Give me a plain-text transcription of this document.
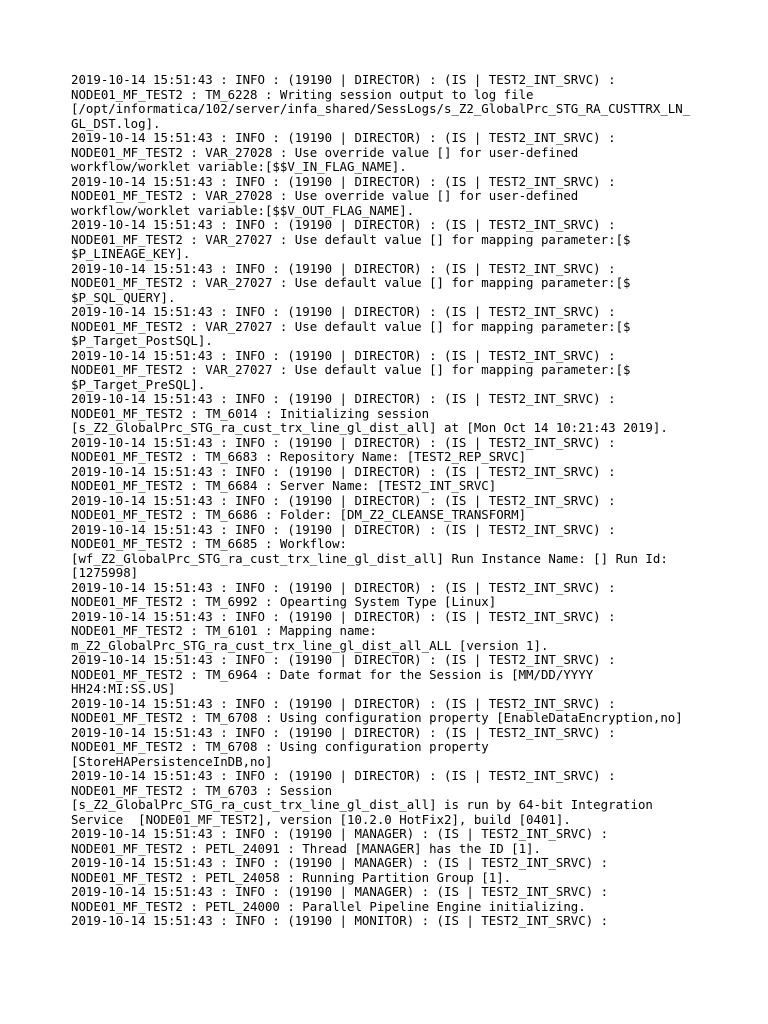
2019-10-14 15:51:43 : INFO : (19190 | DIRECTOR) : (IS | TEST2_INT_SRVC) :
NODE01_MF_TEST2 : TM_6228 : Writing session output to log file
[/opt/informatica/102/server/infa_shared/SessLogs/s_Z2_GlobalPrc_STG_RA_CUSTTRX_LN_
GL_DST.log].
2019-10-14 15:51:43 : INFO : (19190 | DIRECTOR) : (IS | TEST2_INT_SRVC) :
NODE01_MF_TEST2 : VAR_27028 : Use override value [] for user-defined
workflow/worklet variable:[$$V_IN_FLAG_NAME].
2019-10-14 15:51:43 : INFO : (19190 | DIRECTOR) : (IS | TEST2_INT_SRVC) :
NODE01_MF_TEST2 : VAR_27028 : Use override value [] for user-defined
workflow/worklet variable:[$$V_OUT_FLAG_NAME].
2019-10-14 15:51:43 : INFO : (19190 | DIRECTOR) : (IS | TEST2_INT_SRVC) :
NODE01_MF_TEST2 : VAR_27027 : Use default value [] for mapping parameter:[$
$P_LINEAGE_KEY].
2019-10-14 15:51:43 : INFO : (19190 | DIRECTOR) : (IS | TEST2_INT_SRVC) :
NODE01_MF_TEST2 : VAR_27027 : Use default value [] for mapping parameter:[$
$P_SQL_QUERY].
2019-10-14 15:51:43 : INFO : (19190 | DIRECTOR) : (IS | TEST2_INT_SRVC) :
NODE01_MF_TEST2 : VAR_27027 : Use default value [] for mapping parameter:[$
$P_Target_PostSQL].
2019-10-14 15:51:43 : INFO : (19190 | DIRECTOR) : (IS | TEST2_INT_SRVC) :
NODE01_MF_TEST2 : VAR_27027 : Use default value [] for mapping parameter:[$
$P_Target_PreSQL].
2019-10-14 15:51:43 : INFO : (19190 | DIRECTOR) : (IS | TEST2_INT_SRVC) :
NODE01_MF_TEST2 : TM_6014 : Initializing session
[s_Z2_GlobalPrc_STG_ra_cust_trx_line_gl_dist_all] at [Mon Oct 14 10:21:43 2019].
2019-10-14 15:51:43 : INFO : (19190 | DIRECTOR) : (IS | TEST2_INT_SRVC) :
NODE01_MF_TEST2 : TM_6683 : Repository Name: [TEST2_REP_SRVC]
2019-10-14 15:51:43 : INFO : (19190 | DIRECTOR) : (IS | TEST2_INT_SRVC) :
NODE01_MF_TEST2 : TM_6684 : Server Name: [TEST2_INT_SRVC]
2019-10-14 15:51:43 : INFO : (19190 | DIRECTOR) : (IS | TEST2_INT_SRVC) :
NODE01_MF_TEST2 : TM_6686 : Folder: [DM_Z2_CLEANSE_TRANSFORM]
2019-10-14 15:51:43 : INFO : (19190 | DIRECTOR) : (IS | TEST2_INT_SRVC) :
NODE01_MF_TEST2 : TM_6685 : Workflow:
[wf_Z2_GlobalPrc_STG_ra_cust_trx_line_gl_dist_all] Run Instance Name: [] Run Id:
[1275998]
2019-10-14 15:51:43 : INFO : (19190 | DIRECTOR) : (IS | TEST2_INT_SRVC) :
NODE01_MF_TEST2 : TM_6992 : Opearting System Type [Linux]
2019-10-14 15:51:43 : INFO : (19190 | DIRECTOR) : (IS | TEST2_INT_SRVC) :
NODE01_MF_TEST2 : TM_6101 : Mapping name:
m_Z2_GlobalPrc_STG_ra_cust_trx_line_gl_dist_all_ALL [version 1].
2019-10-14 15:51:43 : INFO : (19190 | DIRECTOR) : (IS | TEST2_INT_SRVC) :
NODE01_MF_TEST2 : TM_6964 : Date format for the Session is [MM/DD/YYYY
HH24:MI:SS.US]
2019-10-14 15:51:43 : INFO : (19190 | DIRECTOR) : (IS | TEST2_INT_SRVC) :
NODE01_MF_TEST2 : TM_6708 : Using configuration property [EnableDataEncryption,no]
2019-10-14 15:51:43 : INFO : (19190 | DIRECTOR) : (IS | TEST2_INT_SRVC) :
NODE01_MF_TEST2 : TM_6708 : Using configuration property
[StoreHAPersistenceInDB,no]
2019-10-14 15:51:43 : INFO : (19190 | DIRECTOR) : (IS | TEST2_INT_SRVC) :
NODE01_MF_TEST2 : TM_6703 : Session
[s_Z2_GlobalPrc_STG_ra_cust_trx_line_gl_dist_all] is run by 64-bit Integration
Service  [NODE01_MF_TEST2], version [10.2.0 HotFix2], build [0401].
2019-10-14 15:51:43 : INFO : (19190 | MANAGER) : (IS | TEST2_INT_SRVC) :
NODE01_MF_TEST2 : PETL_24091 : Thread [MANAGER] has the ID [1].
2019-10-14 15:51:43 : INFO : (19190 | MANAGER) : (IS | TEST2_INT_SRVC) :
NODE01_MF_TEST2 : PETL_24058 : Running Partition Group [1].
2019-10-14 15:51:43 : INFO : (19190 | MANAGER) : (IS | TEST2_INT_SRVC) :
NODE01_MF_TEST2 : PETL_24000 : Parallel Pipeline Engine initializing.
2019-10-14 15:51:43 : INFO : (19190 | MONITOR) : (IS | TEST2_INT_SRVC) :
